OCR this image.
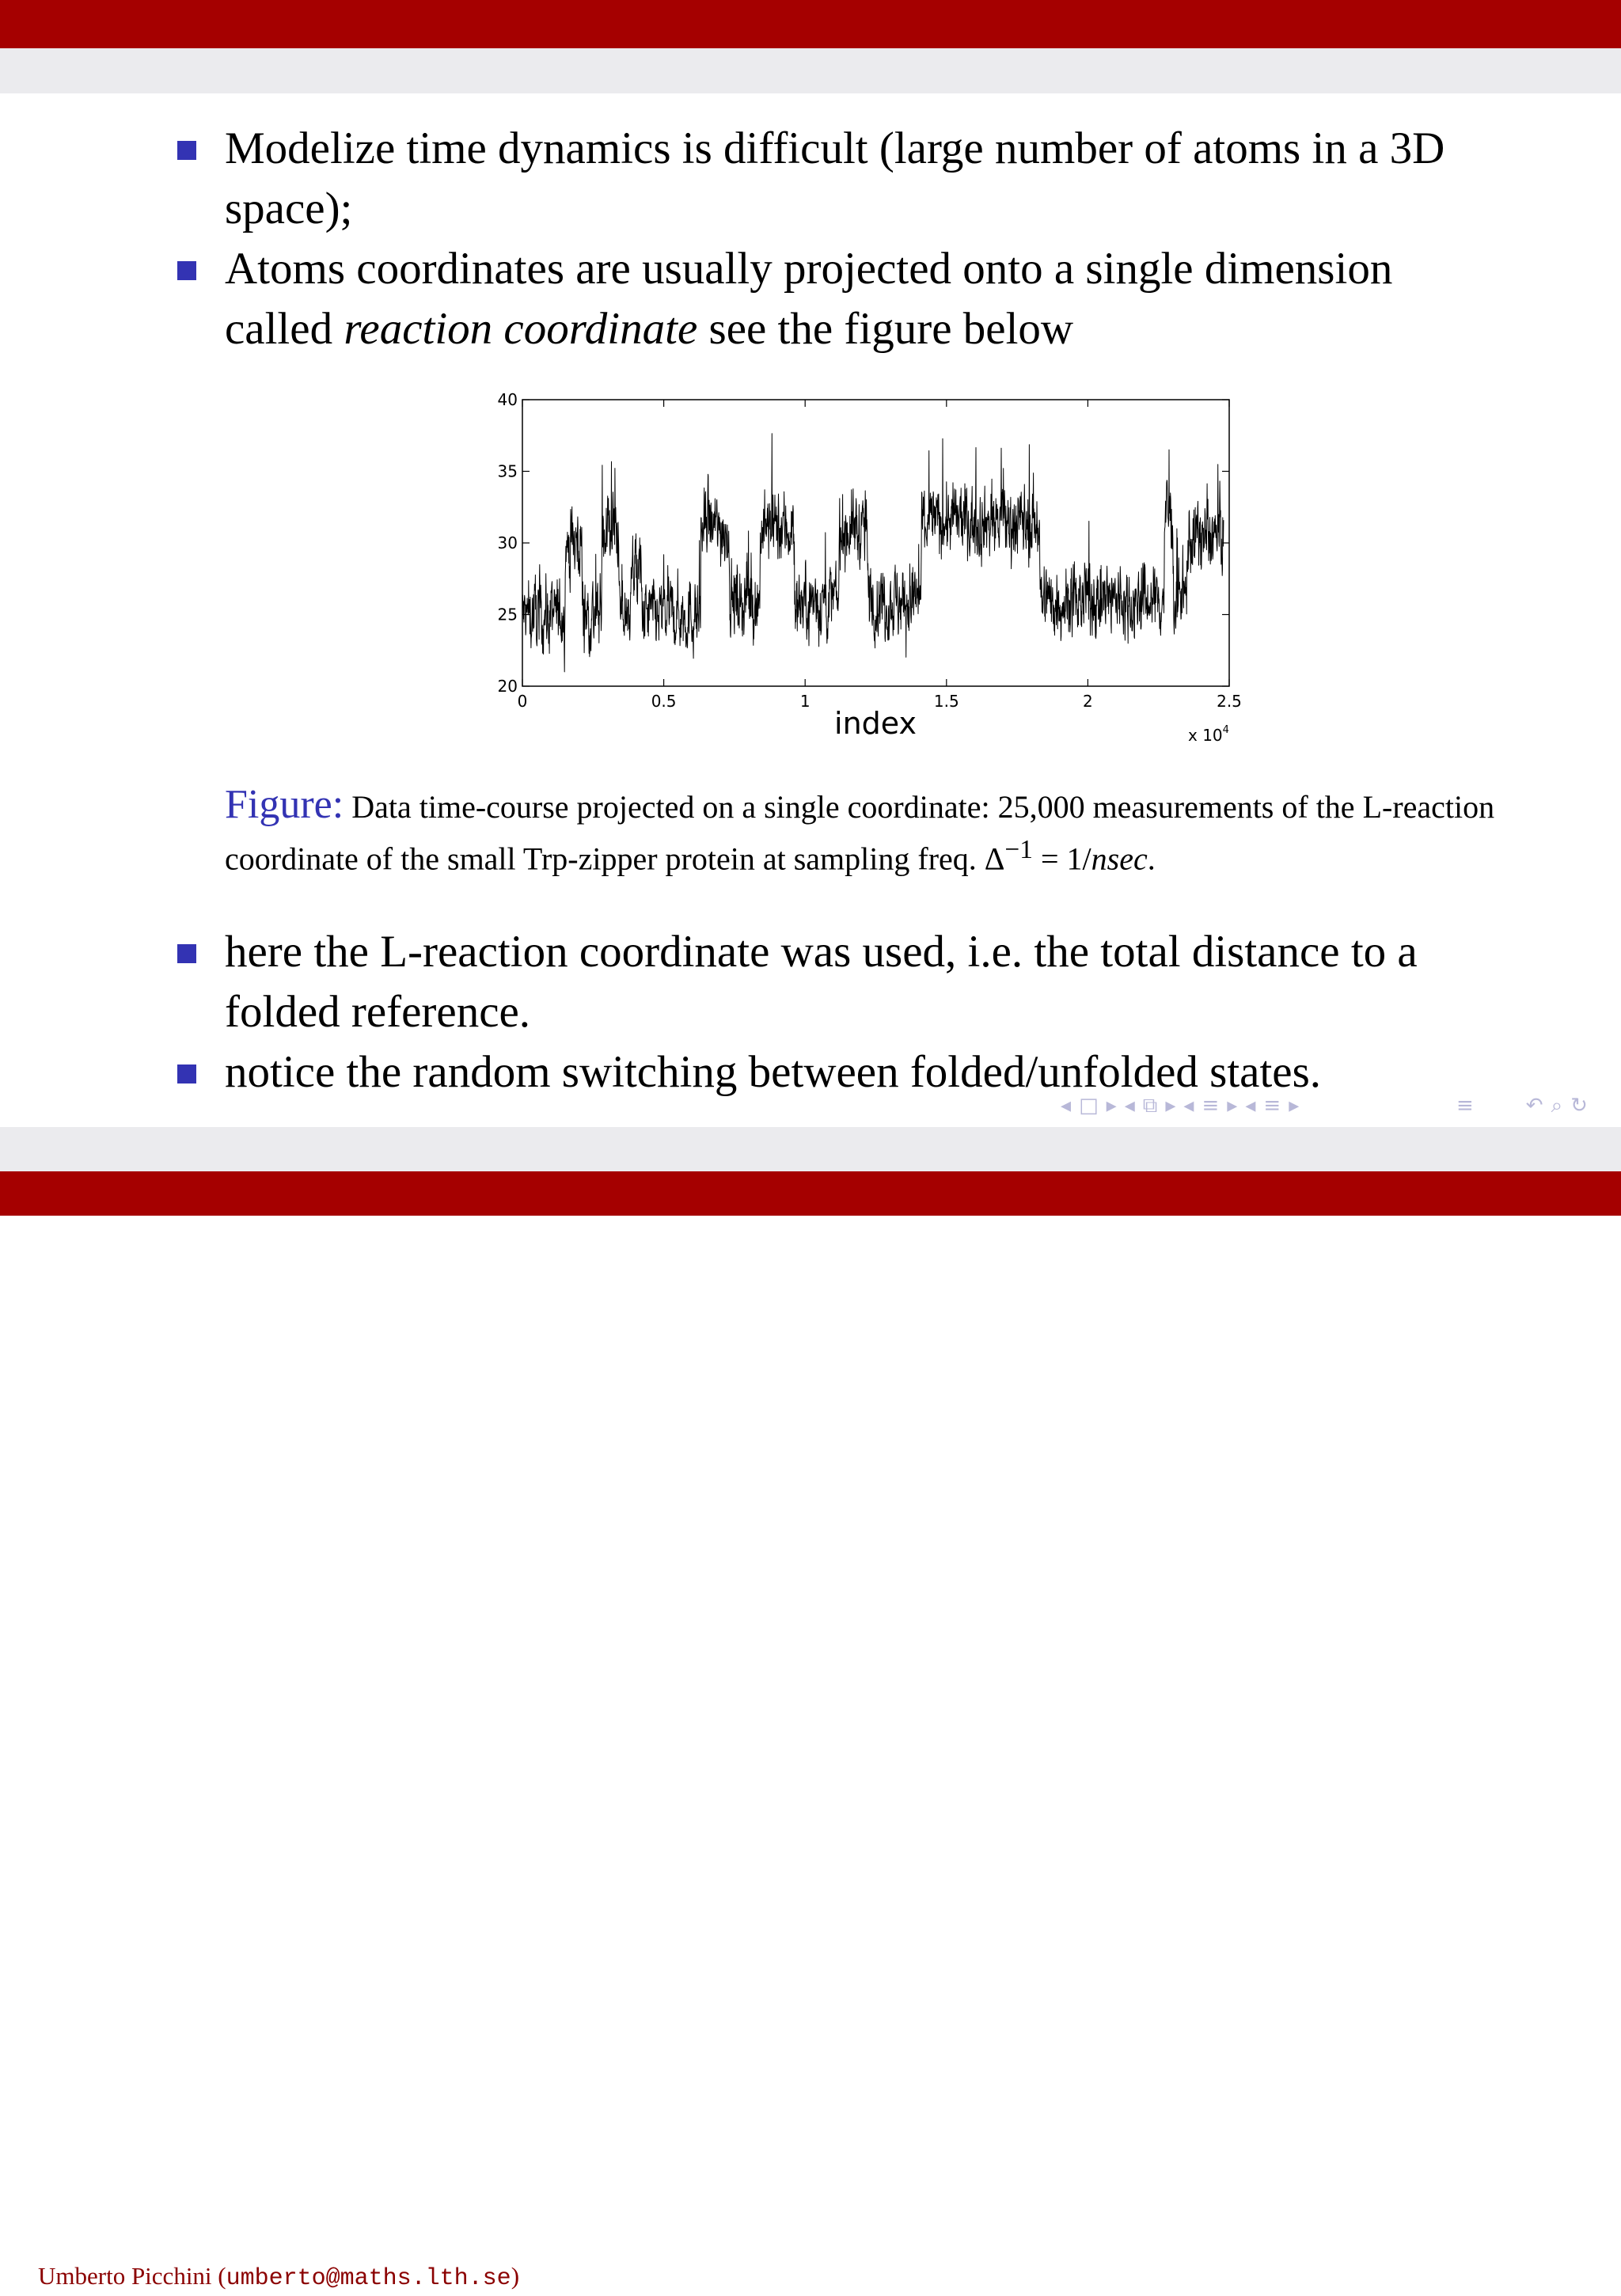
Modelize time dynamics is difficult (large number of atoms in a 3D space);
Atoms coordinates are usually projected onto a single dimension called reaction coordinate see the figure below
0	0.5	1	1.5	2	2.5
20
25
30
35
40
index	x $10^4$
Figure: Data time-course projected on a single coordinate: 25,000 measurements of the L-reaction coordinate of the small Trp-zipper protein at sampling freq. $\Delta^{-1} = 1/nsec$.
here the L-reaction coordinate was used, i.e. the total distance to a folded reference.
notice the random switching between folded/unfolded states.
◂ □ ▸ ◂ ⧉ ▸ ◂ ≡ ▸ ◂ ≡ ▸	≡	↶ ⌕ ↻
Umberto Picchini (umberto@maths.lth.se)
